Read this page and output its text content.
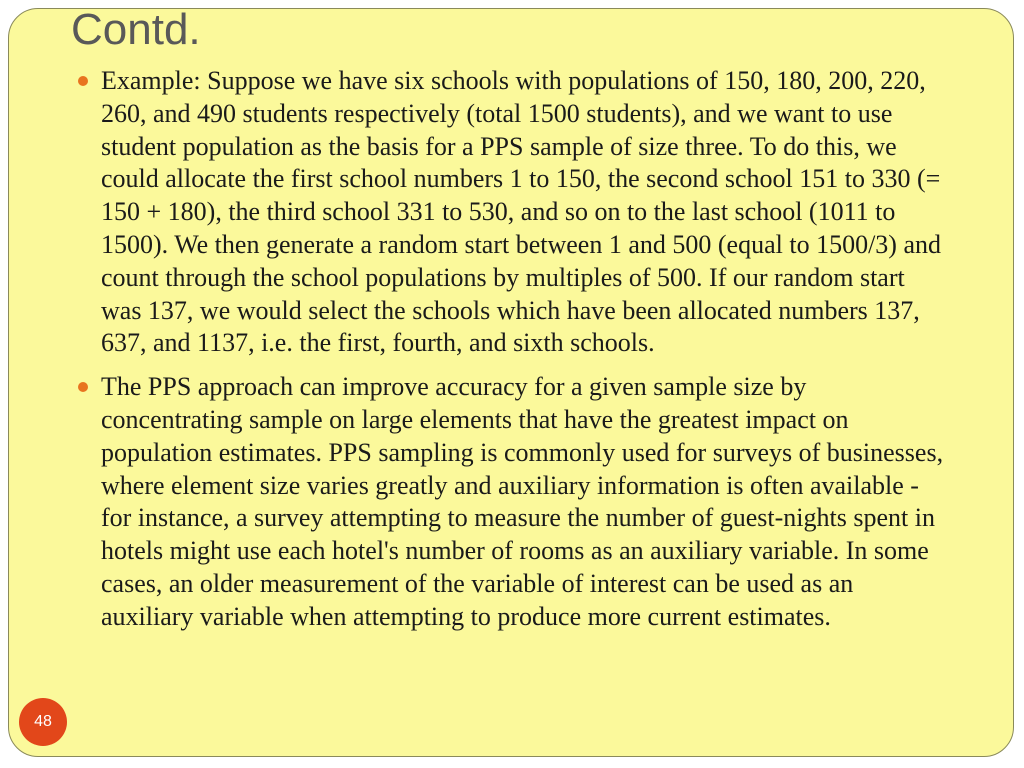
Contd.
Example: Suppose we have six schools with populations of 150, 180, 200, 220, 260, and 490 students respectively (total 1500 students), and we want to use student population as the basis for a PPS sample of size three. To do this, we could allocate the first school numbers 1 to 150, the second school 151 to 330 (= 150 + 180), the third school 331 to 530, and so on to the last school (1011 to 1500). We then generate a random start between 1 and 500 (equal to 1500/3) and count through the school populations by multiples of 500. If our random start was 137, we would select the schools which have been allocated numbers 137, 637, and 1137, i.e. the first, fourth, and sixth schools.
The PPS approach can improve accuracy for a given sample size by concentrating sample on large elements that have the greatest impact on population estimates. PPS sampling is commonly used for surveys of businesses, where element size varies greatly and auxiliary information is often available - for instance, a survey attempting to measure the number of guest-nights spent in hotels might use each hotel's number of rooms as an auxiliary variable. In some cases, an older measurement of the variable of interest can be used as an auxiliary variable when attempting to produce more current estimates.
48
